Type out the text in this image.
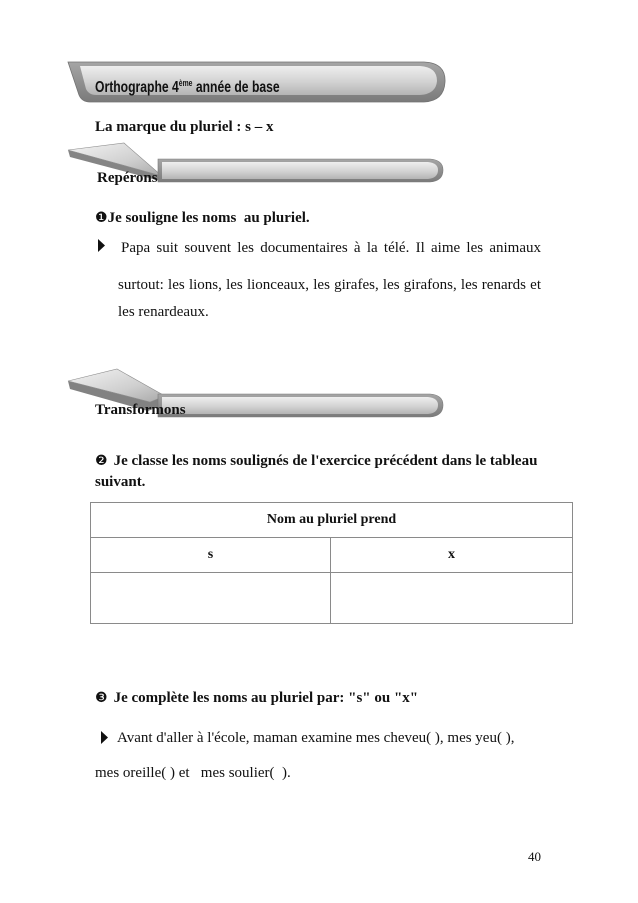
Orthographe 4ème année de base
La marque du pluriel : s – x
Repérons
❶Je souligne les noms  au pluriel.
Papa suit souvent les documentaires à la télé. Il aime les animaux
surtout: les lions, les lionceaux, les girafes, les girafons, les renards et
les renardeaux.
Transformons
❷ Je classe les noms soulignés de l'exercice précédent dans le tableau suivant.
Nom au pluriel prend	
s	x

❸ Je complète les noms au pluriel par: "s" ou "x"
Avant d'aller à l'école, maman examine mes cheveu( ), mes yeu( ),
mes oreille( ) et   mes soulier(  ).
40
